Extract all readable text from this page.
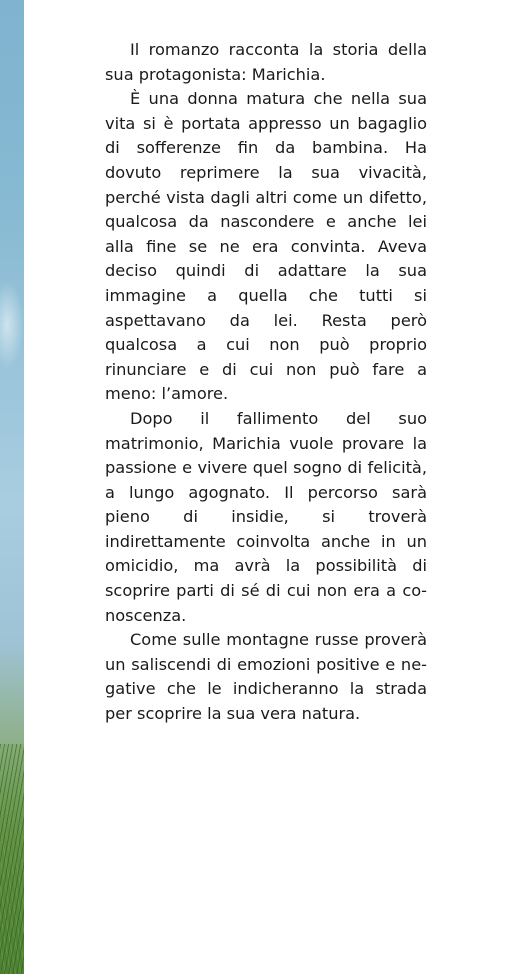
Il romanzo racconta la storia della sua protagonista: Marichia.

È una donna matura che nella sua vita si è portata appresso un bagaglio di sofferenze fin da bambina. Ha dovuto reprimere la sua vivacità, perché vista dagli altri come un difetto, qualcosa da nascondere e anche lei alla fine se ne era convinta. Aveva deciso quindi di adattare la sua immagine a quella che tutti si aspettavano da lei. Resta però qualcosa a cui non può proprio rinunciare e di cui non può fare a meno: l’amore.

Dopo il fallimento del suo matrimonio, Marichia vuole provare la passione e vivere quel sogno di felicità, a lungo agognato. Il percorso sarà pieno di insidie, si troverà indirettamente coinvolta anche in un omicidio, ma avrà la possibilità di scoprire parti di sé di cui non era a conoscenza.

Come sulle montagne russe proverà un saliscendi di emozioni positive e negative che le indicheranno la strada per scoprire la sua vera natura.
